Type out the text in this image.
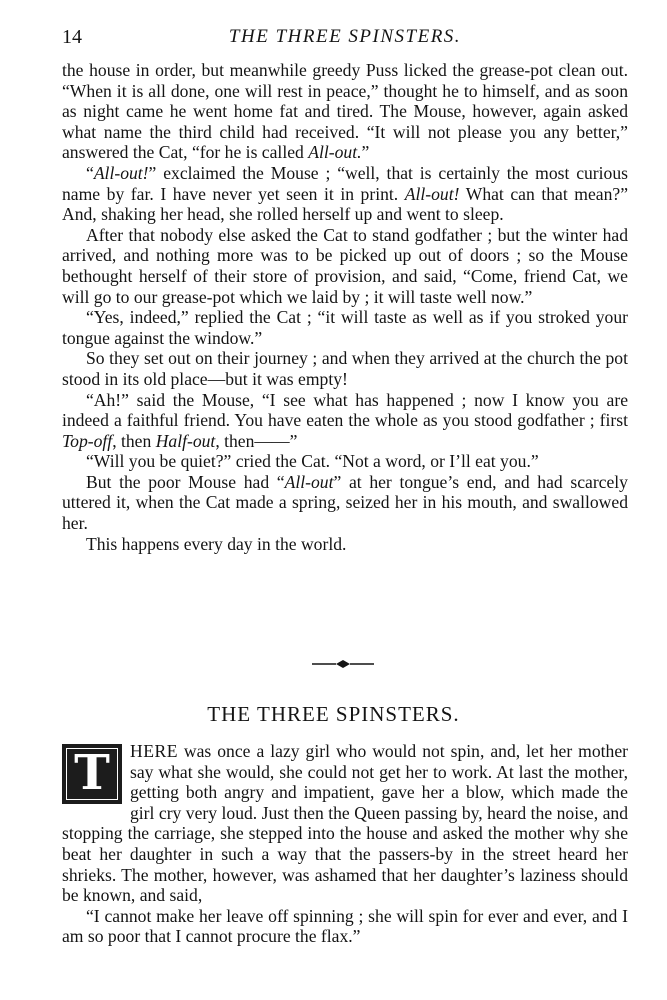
14	THE THREE SPINSTERS.

the house in order, but meanwhile greedy Puss licked the grease-pot clean out. “When it is all done, one will rest in peace,” thought he to himself, and as soon as night came he went home fat and tired. The Mouse, however, again asked what name the third child had received. “It will not please you any better,” answered the Cat, “for he is called All-out.”

“All-out!” exclaimed the Mouse ; “well, that is certainly the most curious name by far. I have never yet seen it in print. All-out! What can that mean?” And, shaking her head, she rolled herself up and went to sleep.

After that nobody else asked the Cat to stand godfather ; but the winter had arrived, and nothing more was to be picked up out of doors ; so the Mouse bethought herself of their store of provision, and said, “Come, friend Cat, we will go to our grease-pot which we laid by ; it will taste well now.”

“Yes, indeed,” replied the Cat ; “it will taste as well as if you stroked your tongue against the window.”

So they set out on their journey ; and when they arrived at the church the pot stood in its old place—but it was empty!

“Ah!” said the Mouse, “I see what has happened ; now I know you are indeed a faithful friend. You have eaten the whole as you stood godfather ; first Top-off, then Half-out, then——”

“Will you be quiet?” cried the Cat. “Not a word, or I’ll eat you.”

But the poor Mouse had “All-out” at her tongue’s end, and had scarcely uttered it, when the Cat made a spring, seized her in his mouth, and swallowed her.

This happens every day in the world.

THE THREE SPINSTERS.

T	HERE was once a lazy girl who would not spin, and, let her mother say what she would, she could not get her to work. At last the mother, getting both angry and impatient, gave her a blow, which made the girl cry very loud. Just then the Queen passing by, heard the noise, and stopping the carriage, she stepped into the house and asked the mother why she beat her daughter in such a way that the passers-by in the street heard her shrieks. The mother, however, was ashamed that her daughter’s laziness should be known, and said,

“I cannot make her leave off spinning ; she will spin for ever and ever, and I am so poor that I cannot procure the flax.”
